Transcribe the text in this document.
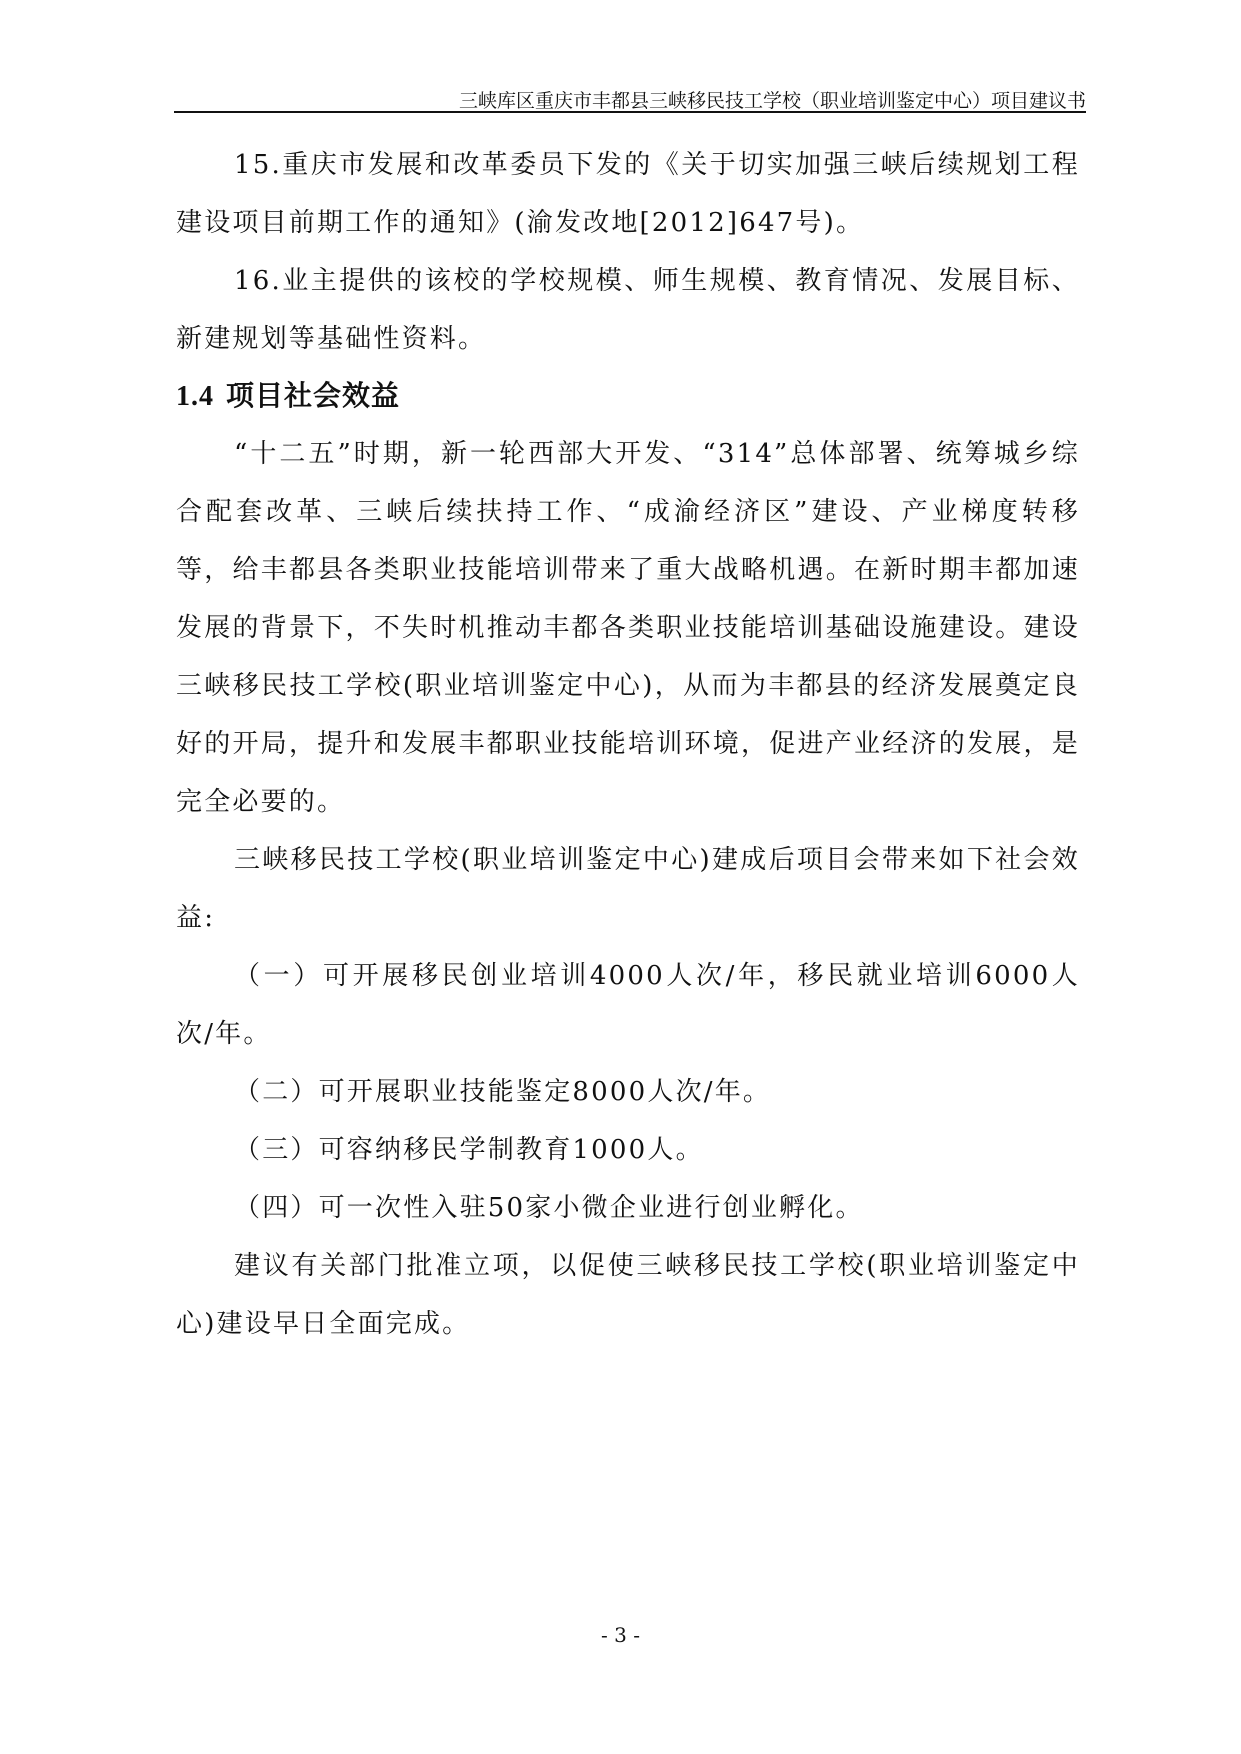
三峡库区重庆市丰都县三峡移民技工学校（职业培训鉴定中心）项目建议书

15.重庆市发展和改革委员下发的《关于切实加强三峡后续规划工程建设项目前期工作的通知》(渝发改地[2012]647号)。

16.业主提供的该校的学校规模、师生规模、教育情况、发展目标、新建规划等基础性资料。

1.4 项目社会效益

“十二五”时期，新一轮西部大开发、“314”总体部署、统筹城乡综合配套改革、三峡后续扶持工作、“成渝经济区”建设、产业梯度转移等，给丰都县各类职业技能培训带来了重大战略机遇。在新时期丰都加速发展的背景下，不失时机推动丰都各类职业技能培训基础设施建设。建设三峡移民技工学校(职业培训鉴定中心)，从而为丰都县的经济发展奠定良好的开局，提升和发展丰都职业技能培训环境，促进产业经济的发展，是完全必要的。

三峡移民技工学校(职业培训鉴定中心)建成后项目会带来如下社会效益:

（一）可开展移民创业培训4000人次/年，移民就业培训6000人次/年。

（二）可开展职业技能鉴定8000人次/年。

（三）可容纳移民学制教育1000人。

（四）可一次性入驻50家小微企业进行创业孵化。

建议有关部门批准立项，以促使三峡移民技工学校(职业培训鉴定中心)建设早日全面完成。

- 3 -
